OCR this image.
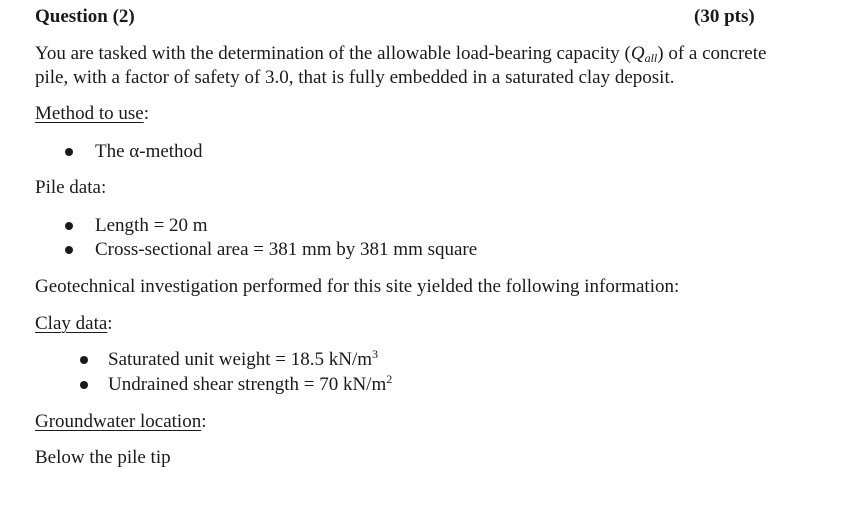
Question (2)	(30 pts)
You are tasked with the determination of the allowable load-bearing capacity $(Q_{all})$ of a concrete
pile, with a factor of safety of 3.0, that is fully embedded in a saturated clay deposit.
Method to use:
The α-method
Pile data:
Length = 20 m
Cross-sectional area = 381 mm by 381 mm square
Geotechnical investigation performed for this site yielded the following information:
Clay data:
Saturated unit weight = 18.5 $kN/m^3$
Undrained shear strength = 70 $kN/m^2$
Groundwater location:
Below the pile tip
